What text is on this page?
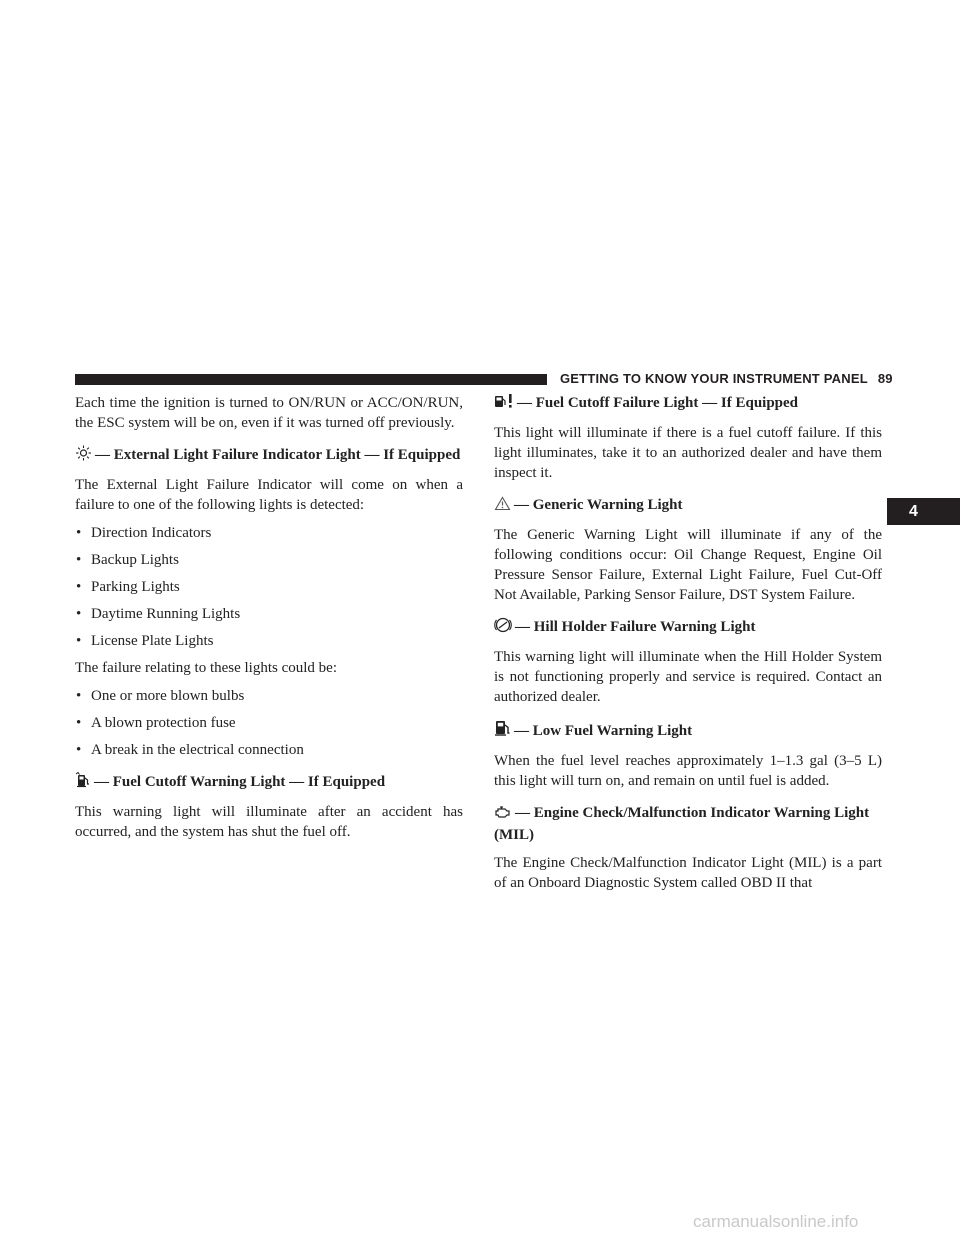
GETTING TO KNOW YOUR INSTRUMENT PANEL 89
4

Each time the ignition is turned to ON/RUN or ACC/ON/RUN, the ESC system will be on, even if it was turned off previously.

— External Light Failure Indicator Light — If Equipped

The External Light Failure Indicator will come on when a failure to one of the following lights is detected:

• Direction Indicators
• Backup Lights
• Parking Lights
• Daytime Running Lights
• License Plate Lights

The failure relating to these lights could be:

• One or more blown bulbs
• A blown protection fuse
• A break in the electrical connection
— Fuel Cutoff Warning Light — If Equipped

This warning light will illuminate after an accident has occurred, and the system has shut the fuel off.

— Fuel Cutoff Failure Light — If Equipped

This light will illuminate if there is a fuel cutoff failure. If this light illuminates, take it to an authorized dealer and have them inspect it.

— Generic Warning Light

The Generic Warning Light will illuminate if any of the following conditions occur: Oil Change Request, Engine Oil Pressure Sensor Failure, External Light Failure, Fuel Cut-Off Not Available, Parking Sensor Failure, DST System Failure.

— Hill Holder Failure Warning Light

This warning light will illuminate when the Hill Holder System is not functioning properly and service is required. Contact an authorized dealer.

— Low Fuel Warning Light

When the fuel level reaches approximately 1–1.3 gal (3–5 L) this light will turn on, and remain on until fuel is added.

— Engine Check/Malfunction Indicator Warning Light (MIL)

The Engine Check/Malfunction Indicator Light (MIL) is a part of an Onboard Diagnostic System called OBD II that

carmanualsonline.info
